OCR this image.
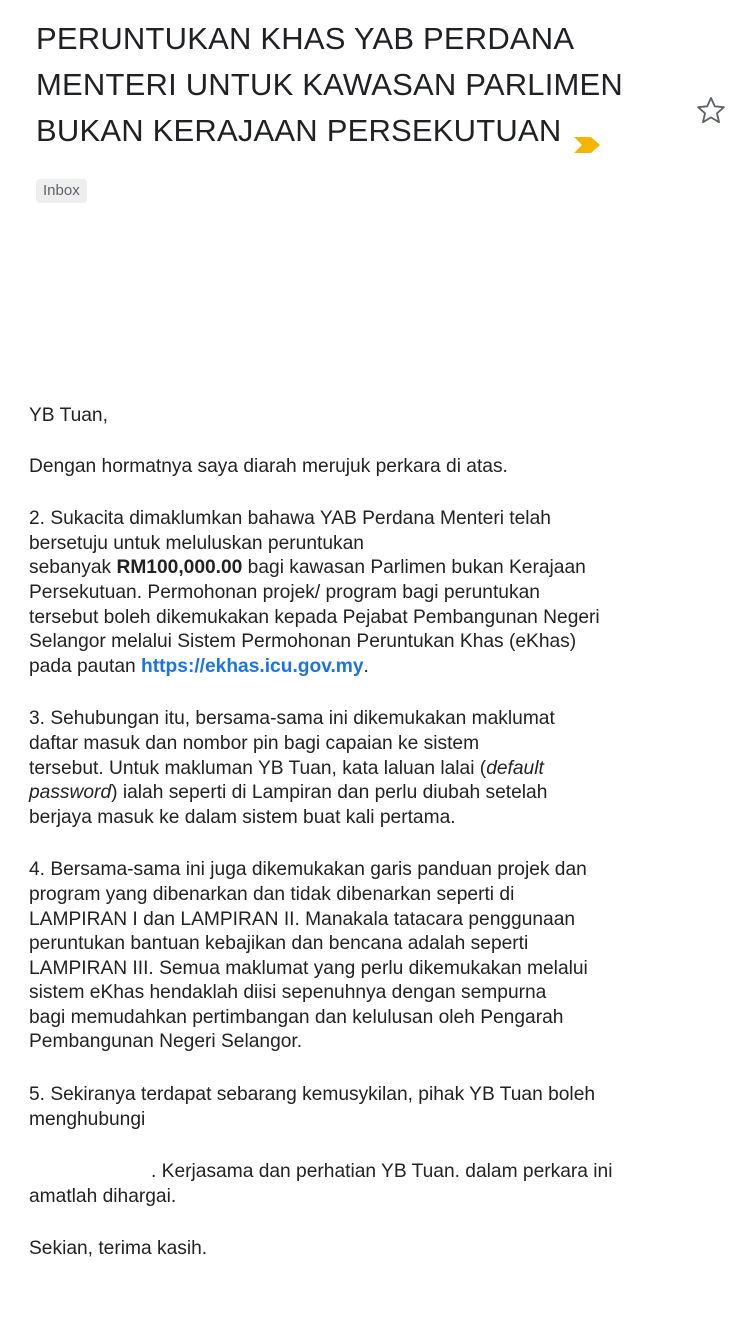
PERUNTUKAN KHAS YAB PERDANA MENTERI UNTUK KAWASAN PARLIMEN BUKAN KERAJAAN PERSEKUTUAN
Inbox

YB Tuan,

Dengan hormatnya saya diarah merujuk perkara di atas.

2. Sukacita dimaklumkan bahawa YAB Perdana Menteri telah
bersetuju untuk meluluskan peruntukan
sebanyak RM100,000.00 bagi kawasan Parlimen bukan Kerajaan
Persekutuan. Permohonan projek/ program bagi peruntukan
tersebut boleh dikemukakan kepada Pejabat Pembangunan Negeri
Selangor melalui Sistem Permohonan Peruntukan Khas (eKhas)
pada pautan https://ekhas.icu.gov.my.

3. Sehubungan itu, bersama-sama ini dikemukakan maklumat
daftar masuk dan nombor pin bagi capaian ke sistem
tersebut. Untuk makluman YB Tuan, kata laluan lalai (default
password) ialah seperti di Lampiran dan perlu diubah setelah
berjaya masuk ke dalam sistem buat kali pertama.

4. Bersama-sama ini juga dikemukakan garis panduan projek dan
program yang dibenarkan dan tidak dibenarkan seperti di
LAMPIRAN I dan LAMPIRAN II. Manakala tatacara penggunaan
peruntukan bantuan kebajikan dan bencana adalah seperti
LAMPIRAN III. Semua maklumat yang perlu dikemukakan melalui
sistem eKhas hendaklah diisi sepenuhnya dengan sempurna
bagi memudahkan pertimbangan dan kelulusan oleh Pengarah
Pembangunan Negeri Selangor.

5. Sekiranya terdapat sebarang kemusykilan, pihak YB Tuan boleh
menghubungi

. Kerjasama dan perhatian YB Tuan. dalam perkara ini
amatlah dihargai.

Sekian, terima kasih.
